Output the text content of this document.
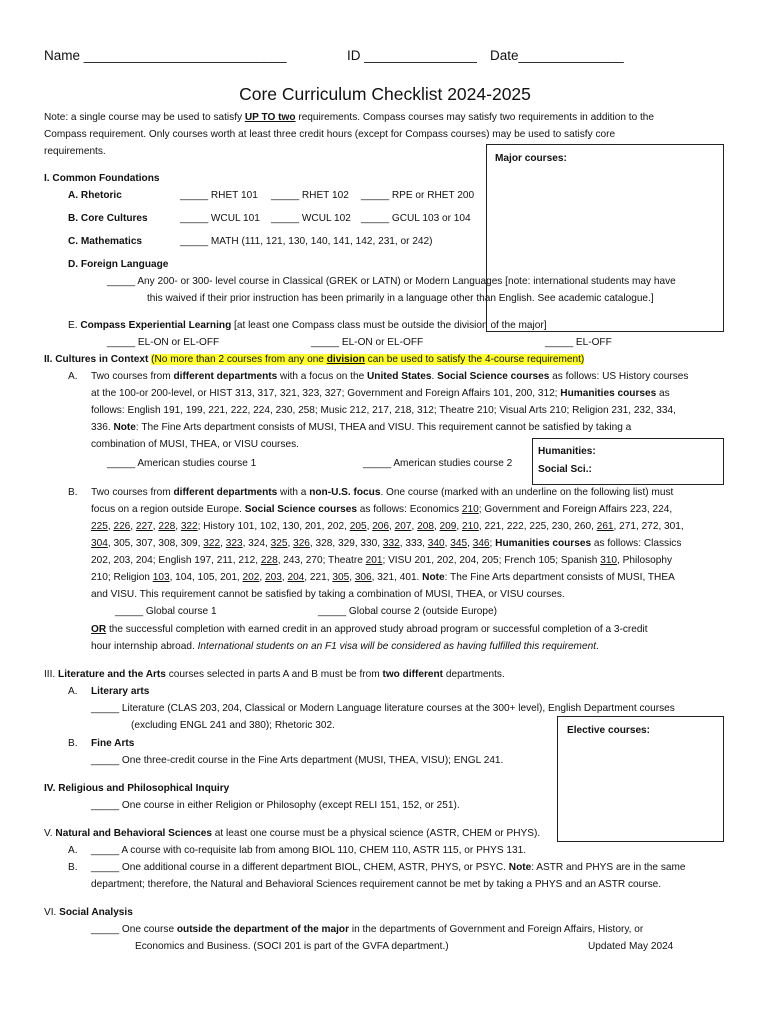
Name ___________________________	ID _______________ Date______________
Core Curriculum Checklist 2024-2025
Note: a single course may be used to satisfy UP TO two requirements. Compass courses may satisfy two requirements in addition to the
Compass requirement. Only courses worth at least three credit hours (except for Compass courses) may be used to satisfy core
requirements.
Major courses:
Humanities:
Social Sci.:
Elective courses:
I. Common Foundations
A. Rhetoric	_____ RHET 101 _____ RHET 102 _____ RPE or RHET 200
B. Core Cultures	_____ WCUL 101 _____ WCUL 102 _____ GCUL 103 or 104
C. Mathematics	_____ MATH (111, 121, 130, 140, 141, 142, 231, or 242)
D. Foreign Language
_____ Any 200- or 300- level course in Classical (GREK or LATN) or Modern Languages [note: international students may have
this waived if their prior instruction has been primarily in a language other than English. See academic catalogue.]
E. Compass Experiential Learning [at least one Compass class must be outside the division of the major]
_____ EL-ON or EL-OFF	_____ EL-ON or EL-OFF	_____ EL-OFF
II. Cultures in Context (No more than 2 courses from any one division can be used to satisfy the 4-course requirement)
A. Two courses from different departments with a focus on the United States. Social Science courses as follows: US History courses
at the 100-or 200-level, or HIST 313, 317, 321, 323, 327; Government and Foreign Affairs 101, 200, 312; Humanities courses as
follows: English 191, 199, 221, 222, 224, 230, 258; Music 212, 217, 218, 312; Theatre 210; Visual Arts 210; Religion 231, 232, 334,
336. Note: The Fine Arts department consists of MUSI, THEA and VISU. This requirement cannot be satisfied by taking a
combination of MUSI, THEA, or VISU courses.
_____ American studies course 1	_____ American studies course 2
B. Two courses from different departments with a non-U.S. focus. One course (marked with an underline on the following list) must
focus on a region outside Europe. Social Science courses as follows: Economics 210; Government and Foreign Affairs 223, 224,
225, 226, 227, 228, 322; History 101, 102, 130, 201, 202, 205, 206, 207, 208, 209, 210, 221, 222, 225, 230, 260, 261, 271, 272, 301,
304, 305, 307, 308, 309, 322, 323, 324, 325, 326, 328, 329, 330, 332, 333, 340, 345, 346; Humanities courses as follows: Classics
202, 203, 204; English 197, 211, 212, 228, 243, 270; Theatre 201; VISU 201, 202, 204, 205; French 105; Spanish 310, Philosophy
210; Religion 103, 104, 105, 201, 202, 203, 204, 221, 305, 306, 321, 401. Note: The Fine Arts department consists of MUSI, THEA
and VISU. This requirement cannot be satisfied by taking a combination of MUSI, THEA, or VISU courses.
_____ Global course 1	_____ Global course 2 (outside Europe)
OR the successful completion with earned credit in an approved study abroad program or successful completion of a 3-credit
hour internship abroad. International students on an F1 visa will be considered as having fulfilled this requirement.
III. Literature and the Arts courses selected in parts A and B must be from two different departments.
A. Literary arts
_____ Literature (CLAS 203, 204, Classical or Modern Language literature courses at the 300+ level), English Department courses
(excluding ENGL 241 and 380); Rhetoric 302.
B. Fine Arts
_____ One three-credit course in the Fine Arts department (MUSI, THEA, VISU); ENGL 241.
IV. Religious and Philosophical Inquiry
_____ One course in either Religion or Philosophy (except RELI 151, 152, or 251).
V. Natural and Behavioral Sciences at least one course must be a physical science (ASTR, CHEM or PHYS).
A. _____ A course with co-requisite lab from among BIOL 110, CHEM 110, ASTR 115, or PHYS 131.
B. _____ One additional course in a different department BIOL, CHEM, ASTR, PHYS, or PSYC. Note: ASTR and PHYS are in the same
department; therefore, the Natural and Behavioral Sciences requirement cannot be met by taking a PHYS and an ASTR course.
VI. Social Analysis
_____ One course outside the department of the major in the departments of Government and Foreign Affairs, History, or
Economics and Business. (SOCI 201 is part of the GVFA department.)	Updated May 2024
